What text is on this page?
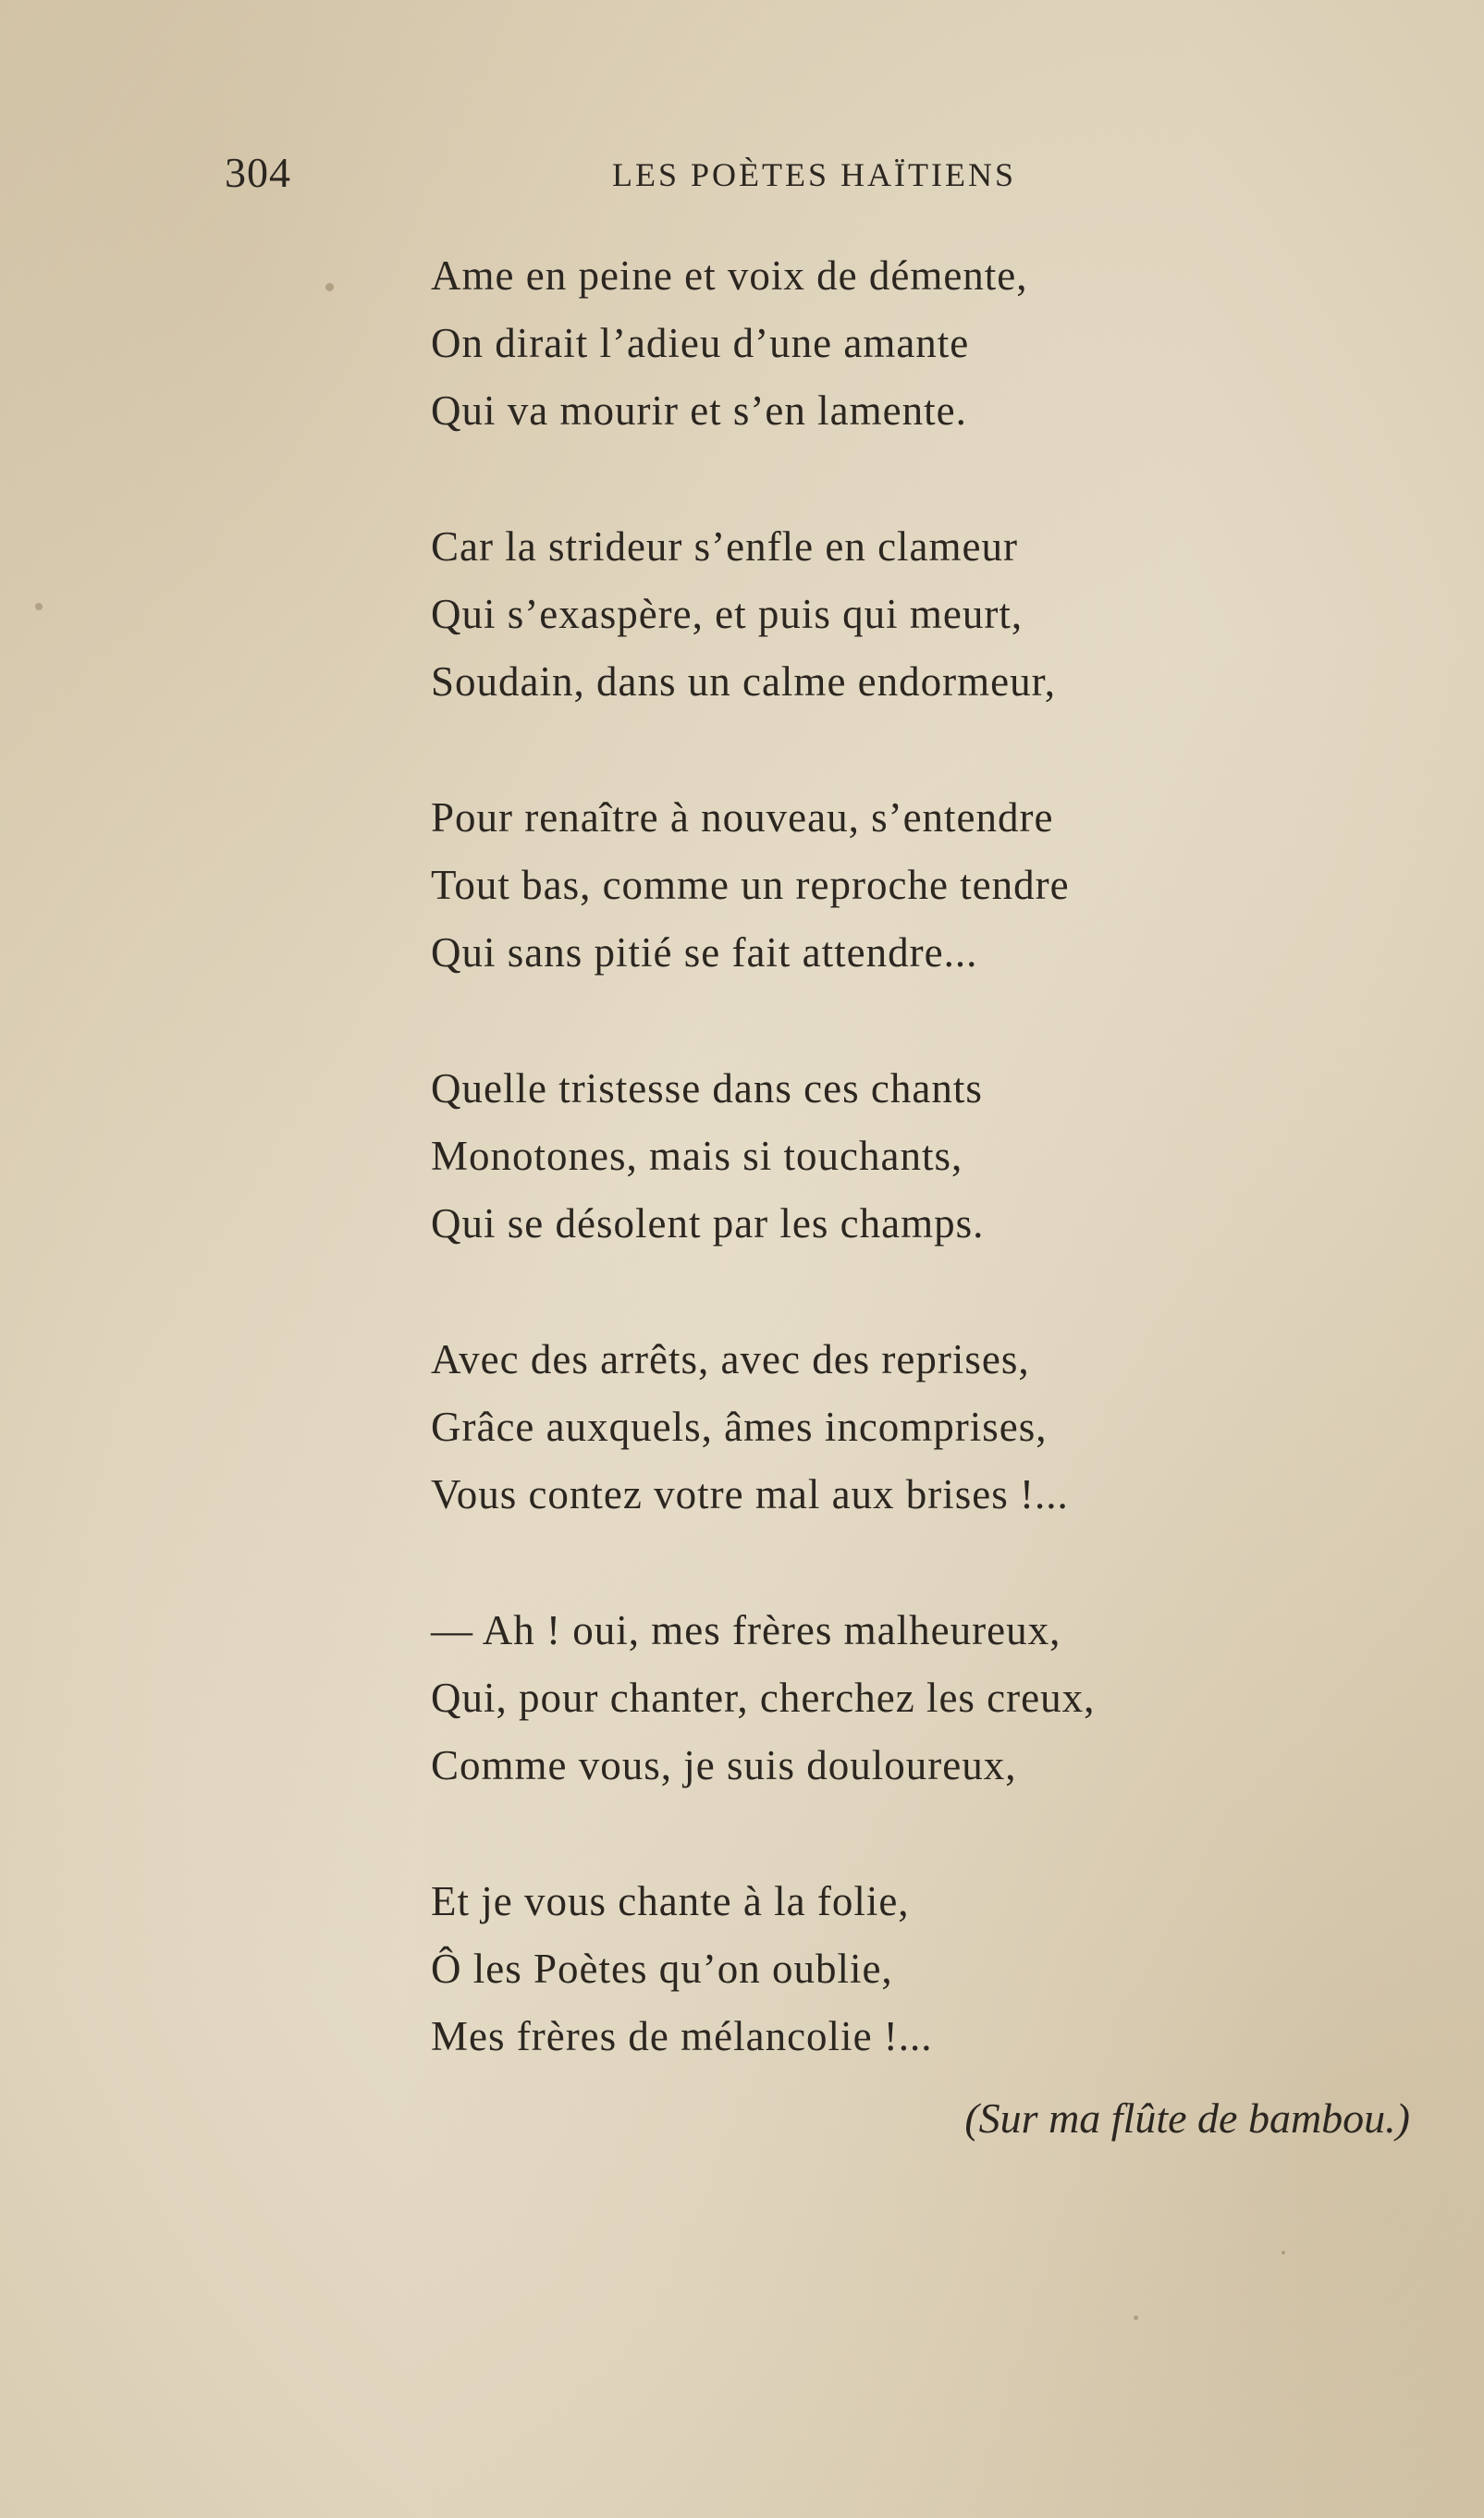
304	LES POÈTES HAÏTIENS
Ame en peine et voix de démente,
On dirait l’adieu d’une amante
Qui va mourir et s’en lamente.
Car la strideur s’enfle en clameur
Qui s’exaspère, et puis qui meurt,
Soudain, dans un calme endormeur,
Pour renaître à nouveau, s’entendre
Tout bas, comme un reproche tendre
Qui sans pitié se fait attendre...
Quelle tristesse dans ces chants
Monotones, mais si touchants,
Qui se désolent par les champs.
Avec des arrêts, avec des reprises,
Grâce auxquels, âmes incomprises,
Vous contez votre mal aux brises !...
— Ah ! oui, mes frères malheureux,
Qui, pour chanter, cherchez les creux,
Comme vous, je suis douloureux,
Et je vous chante à la folie,
Ô les Poètes qu’on oublie,
Mes frères de mélancolie !...
(Sur ma flûte de bambou.)
